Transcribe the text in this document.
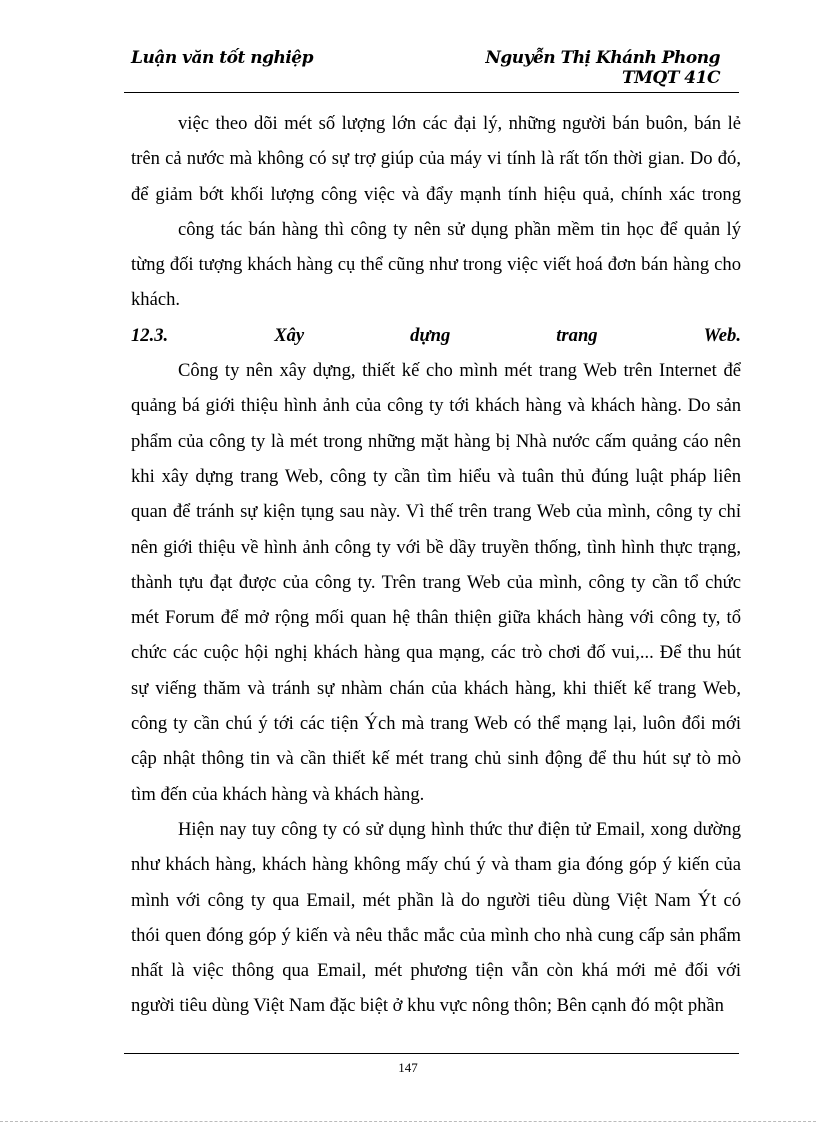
Luận văn tốt nghiệp	Nguyễn Thị Khánh Phong
TMQT 41C
việc theo dõi mét số lượng lớn các đại lý, những người bán buôn, bán lẻ
trên cả nước mà không có sự trợ giúp của máy vi tính là rất tốn thời gian. Do đó,
để giảm bớt khối lượng công việc và đẩy mạnh tính hiệu quả, chính xác trong
công tác bán hàng thì công ty nên sử dụng phần mềm tin học để quản lý
từng đối tượng khách hàng cụ thể cũng như trong việc viết hoá đơn bán hàng cho
khách.
12.3.	Xây	dựng	trang	Web.
Công ty nên xây dựng, thiết kế cho mình mét trang Web trên Internet để
quảng bá giới thiệu hình ảnh của công ty tới khách hàng và khách hàng. Do sản
phẩm của công ty là mét trong những mặt hàng bị Nhà nước cấm quảng cáo nên
khi xây dựng trang Web, công ty cần tìm hiểu và tuân thủ đúng luật pháp liên
quan để tránh sự kiện tụng sau này. Vì thế trên trang Web của mình, công ty chỉ
nên giới thiệu về hình ảnh công ty với bề dầy truyền thống, tình hình thực trạng,
thành tựu đạt được của công ty. Trên trang Web của mình, công ty cần tổ chức
mét Forum để mở rộng mối quan hệ thân thiện giữa khách hàng với công ty, tổ
chức các cuộc hội nghị khách hàng qua mạng, các trò chơi đố vui,... Để thu hút
sự viếng thăm và tránh sự nhàm chán của khách hàng, khi thiết kế trang Web,
công ty cần chú ý tới các tiện Ých mà trang Web có thể mạng lại, luôn đổi mới
cập nhật thông tin và cần thiết kế mét trang chủ sinh động để thu hút sự tò mò
tìm đến của khách hàng và khách hàng.
Hiện nay tuy công ty có sử dụng hình thức thư điện tử Email, xong dường
như khách hàng, khách hàng không mấy chú ý và tham gia đóng góp ý kiến của
mình với công ty qua Email, mét phần là do người tiêu dùng Việt Nam Ýt có
thói quen đóng góp ý kiến và nêu thắc mắc của mình cho nhà cung cấp sản phẩm
nhất là việc thông qua Email, mét phương tiện vẫn còn khá mới mẻ đối với
người tiêu dùng Việt Nam đặc biệt ở khu vực nông thôn; Bên cạnh đó một phần
147
